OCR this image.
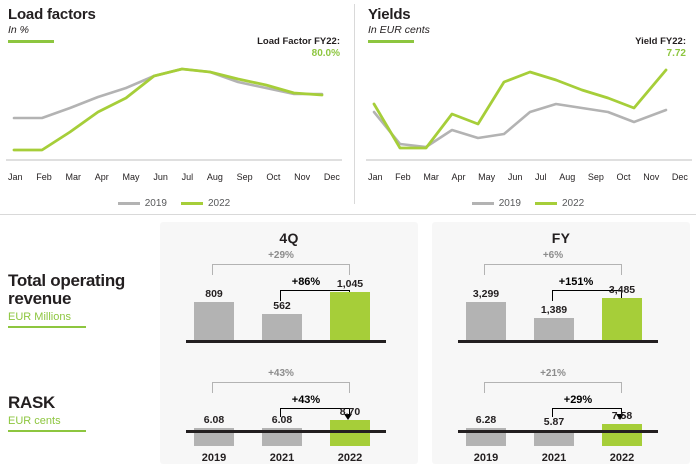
Load factors
In %
Load Factor FY22:
80.0%
Jan Feb Mar Apr May Jun Jul Aug Sep Oct Nov Dec
2019	2022
Yields
In EUR cents
Yield FY22:
7.72
Jan Feb Mar Apr May Jun Jul Aug Sep Oct Nov Dec
2019	2022
Total operating revenue
EUR Millions
RASK
EUR cents
4Q
+29%
+86%
809
562
1,045
+43%
+43%
6.08
2019
6.08
2021
8.70
2022
FY
+6%
+151%
3,299
1,389
3,485
+21%
+29%
6.28
2019
5.87
2021
7.58
2022
